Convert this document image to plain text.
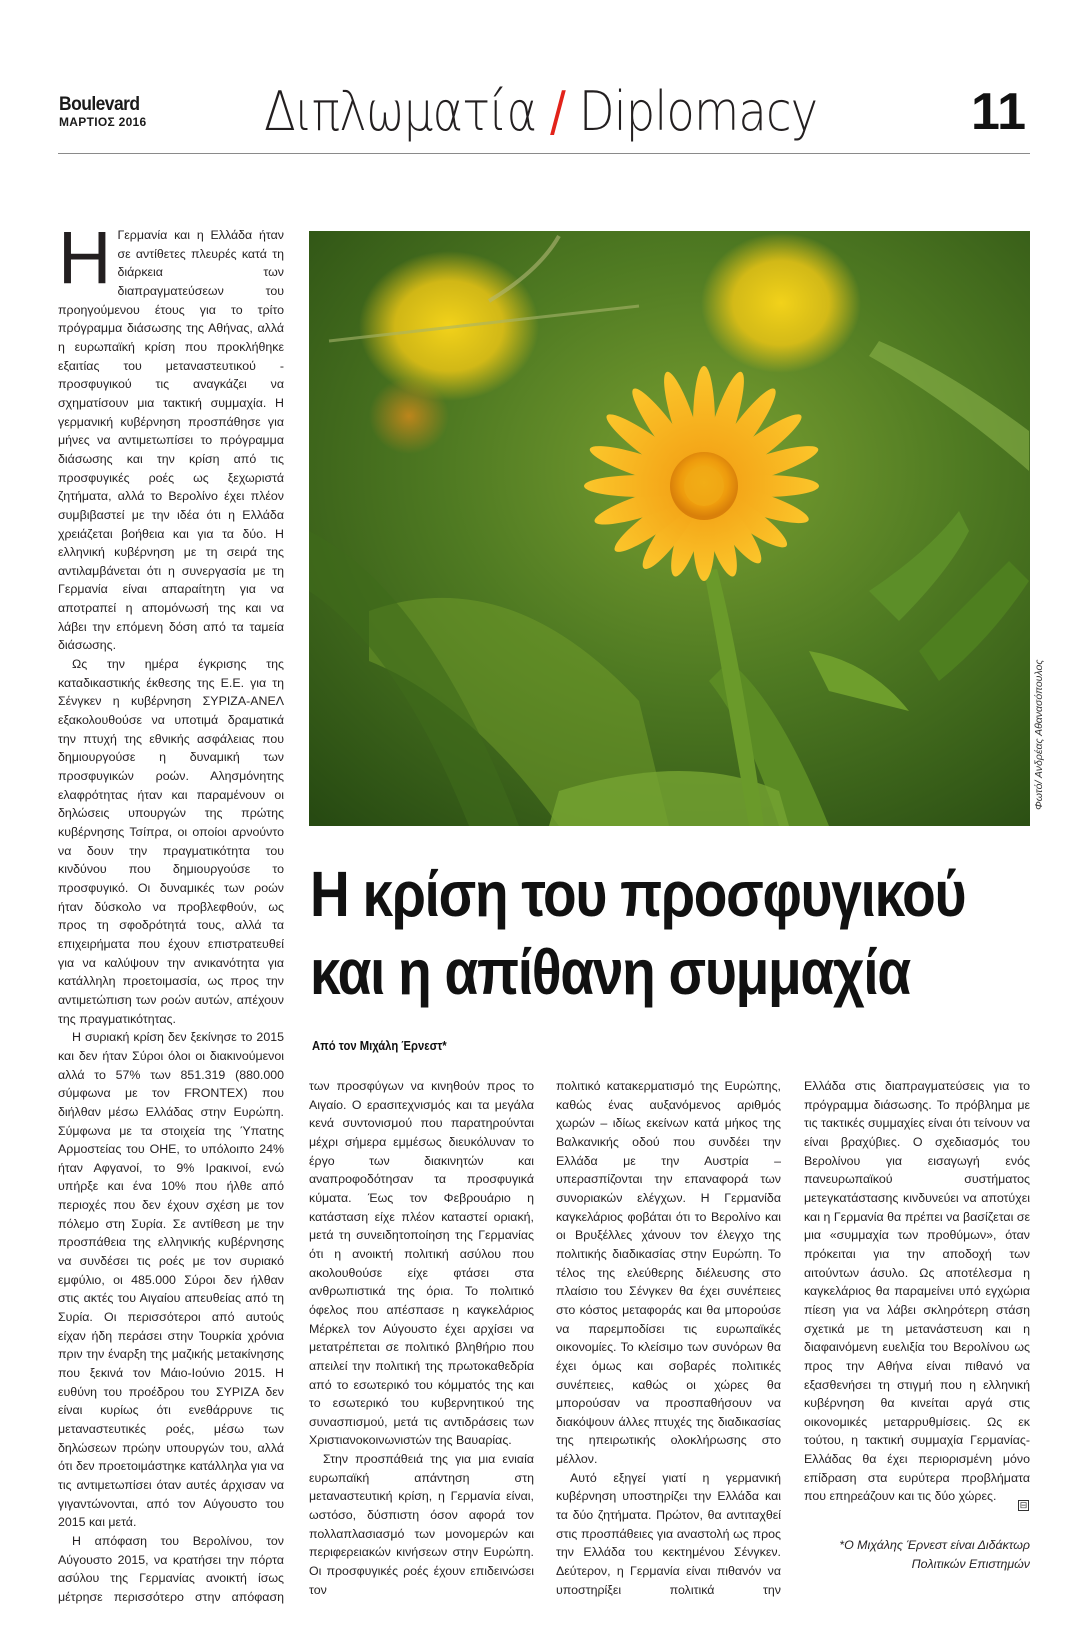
Boulevard
ΜΑΡΤΙΟΣ 2016 Διπλωματία / Diplomacy	11
Η Γερμανία και η Ελλάδα ήταν σε αντίθετες πλευρές κατά τη διάρκεια των διαπραγματεύσεων του προηγούμενου έτους για το τρίτο πρόγραμμα διάσωσης της Αθήνας, αλλά η ευρωπαϊκή κρίση που προκλήθηκε εξαιτίας του μεταναστευτικού - προσφυγικού τις αναγκάζει να σχηματίσουν μια τακτική συμμαχία. Η γερμανική κυβέρνηση προσπάθησε για μήνες να αντιμετωπίσει το πρόγραμμα διάσωσης και την κρίση από τις προσφυγικές ροές ως ξεχωριστά ζητήματα, αλλά το Βερολίνο έχει πλέον συμβιβαστεί με την ιδέα ότι η Ελλάδα χρειάζεται βοήθεια και για τα δύο. Η ελληνική κυβέρνηση με τη σειρά της αντιλαμβάνεται ότι η συνεργασία με τη Γερμανία είναι απαραίτητη για να αποτραπεί η απομόνωσή της και να λάβει την επόμενη δόση από τα ταμεία διάσωσης.

Ως την ημέρα έγκρισης της καταδικαστικής έκθεσης της Ε.Ε. για τη Σένγκεν η κυβέρνηση ΣΥΡΙΖΑ-ΑΝΕΛ εξακολουθούσε να υποτιμά δραματικά την πτυχή της εθνικής ασφάλειας που δημιουργούσε η δυναμική των προσφυγικών ροών. Αλησμόνητης ελαφρότητας ήταν και παραμένουν οι δηλώσεις υπουργών της πρώτης κυβέρνησης Τσίπρα, οι οποίοι αρνούντο να δουν την πραγματικότητα του κινδύνου που δημιουργούσε το προσφυγικό. Οι δυναμικές των ροών ήταν δύσκολο να προβλεφθούν, ως προς τη σφοδρότητά τους, αλλά τα επιχειρήματα που έχουν επιστρατευθεί για να καλύψουν την ανικανότητα για κατάλληλη προετοιμασία, ως προς την αντιμετώπιση των ροών αυτών, απέχουν της πραγματικότητας.

Η συριακή κρίση δεν ξεκίνησε το 2015 και δεν ήταν Σύροι όλοι οι διακινούμενοι αλλά το 57% των 851.319 (880.000 σύμφωνα με τον FRONTEX) που διήλθαν μέσω Ελλάδας στην Ευρώπη. Σύμφωνα με τα στοιχεία της Ύπατης Αρμοστείας του ΟΗΕ, το υπόλοιπο 24% ήταν Αφγανοί, το 9% Ιρακινοί, ενώ υπήρξε και ένα 10% που ήλθε από περιοχές που δεν έχουν σχέση με τον πόλεμο στη Συρία. Σε αντίθεση με την προσπάθεια της ελληνικής κυβέρνησης να συνδέσει τις ροές με τον συριακό εμφύλιο, οι 485.000 Σύροι δεν ήλθαν στις ακτές του Αιγαίου απευθείας από τη Συρία. Οι περισσότεροι από αυτούς είχαν ήδη περάσει στην Τουρκία χρόνια πριν την έναρξη της μαζικής μετακίνησης που ξεκινά τον Μάιο-Ιούνιο 2015. Η ευθύνη του προέδρου του ΣΥΡΙΖΑ δεν είναι κυρίως ότι ενεθάρρυνε τις μεταναστευτικές ροές, μέσω των δηλώσεων πρώην υπουργών του, αλλά ότι δεν προετοιμάστηκε κατάλληλα για να τις αντιμετωπίσει όταν αυτές άρχισαν να γιγαντώνονται, από τον Αύγουστο του 2015 και μετά.

Η απόφαση του Βερολίνου, τον Αύγουστο 2015, να κρατήσει την πόρτα ασύλου της Γερμανίας ανοικτή ίσως μέτρησε περισσότερο στην απόφαση

Φωτό/ Ανδρέας Αθανασόπουλος
Η κρίση του προσφυγικού
και η απίθανη συμμαχία
Από τον Μιχάλη Έρνεστ*

των προσφύγων να κινηθούν προς το Αιγαίο. Ο ερασιτεχνισμός και τα μεγάλα κενά συντονισμού που παρατηρούνται μέχρι σήμερα εμμέσως διευκόλυναν το έργο των διακινητών και αναπροφοδότησαν τα προσφυγικά κύματα. Έως τον Φεβρουάριο η κατάσταση είχε πλέον καταστεί οριακή, μετά τη συνειδητοποίηση της Γερμανίας ότι η ανοικτή πολιτική ασύλου που ακολουθούσε είχε φτάσει στα ανθρωπιστικά της όρια. Το πολιτικό όφελος που απέσπασε η καγκελάριος Μέρκελ τον Αύγουστο έχει αρχίσει να μετατρέπεται σε πολιτικό βληθήριο που απειλεί την πολιτική της πρωτοκαθεδρία από το εσωτερικό του κόμματός της και το εσωτερικό του κυβερνητικού της συνασπισμού, μετά τις αντιδράσεις των Χριστιανοκοινωνιστών της Βαυαρίας.

Στην προσπάθειά της για μια ενιαία ευρωπαϊκή απάντηση στη μεταναστευτική κρίση, η Γερμανία είναι, ωστόσο, δύσπιστη όσον αφορά τον πολλαπλασιασμό των μονομερών και περιφερειακών κινήσεων στην Ευρώπη. Οι προσφυγικές ροές έχουν επιδεινώσει τον

πολιτικό κατακερματισμό της Ευρώπης, καθώς ένας αυξανόμενος αριθμός χωρών – ιδίως εκείνων κατά μήκος της Βαλκανικής οδού που συνδέει την Ελλάδα με την Αυστρία – υπερασπίζονται την επαναφορά των συνοριακών ελέγχων. Η Γερμανίδα καγκελάριος φοβάται ότι το Βερολίνο και οι Βρυξέλλες χάνουν τον έλεγχο της πολιτικής διαδικασίας στην Ευρώπη. Το τέλος της ελεύθερης διέλευσης στο πλαίσιο του Σένγκεν θα έχει συνέπειες στο κόστος μεταφοράς και θα μπορούσε να παρεμποδίσει τις ευρωπαϊκές οικονομίες. Το κλείσιμο των συνόρων θα έχει όμως και σοβαρές πολιτικές συνέπειες, καθώς οι χώρες θα μπορούσαν να προσπαθήσουν να διακόψουν άλλες πτυχές της διαδικασίας της ηπειρωτικής ολοκλήρωσης στο μέλλον.

Αυτό εξηγεί γιατί η γερμανική κυβέρνηση υποστηρίζει την Ελλάδα και τα δύο ζητήματα. Πρώτον, θα αντιταχθεί στις προσπάθειες για αναστολή ως προς την Ελλάδα του κεκτημένου Σένγκεν. Δεύτερον, η Γερμανία είναι πιθανόν να υποστηρίξει πολιτικά την

Ελλάδα στις διαπραγματεύσεις για το πρόγραμμα διάσωσης. Το πρόβλημα με τις τακτικές συμμαχίες είναι ότι τείνουν να είναι βραχύβιες. Ο σχεδιασμός του Βερολίνου για εισαγωγή ενός πανευρωπαϊκού συστήματος μετεγκατάστασης κινδυνεύει να αποτύχει και η Γερμανία θα πρέπει να βασίζεται σε μια «συμμαχία των προθύμων», όταν πρόκειται για την αποδοχή των αιτούντων άσυλο. Ως αποτέλεσμα η καγκελάριος θα παραμείνει υπό εγχώρια πίεση για να λάβει σκληρότερη στάση σχετικά με τη μετανάστευση και η διαφαινόμενη ευελιξία του Βερολίνου ως προς την Αθήνα είναι πιθανό να εξασθενήσει τη στιγμή που η ελληνική κυβέρνηση θα κινείται αργά στις οικονομικές μεταρρυθμίσεις. Ως εκ τούτου, η τακτική συμμαχία Γερμανίας-Ελλάδας θα έχει περιορισμένη μόνο επίδραση στα ευρύτερα προβλήματα που επηρεάζουν και τις δύο χώρες.

⊟
*Ο Μιχάλης Έρνεστ είναι Διδάκτωρ
Πολιτικών Επιστημών
